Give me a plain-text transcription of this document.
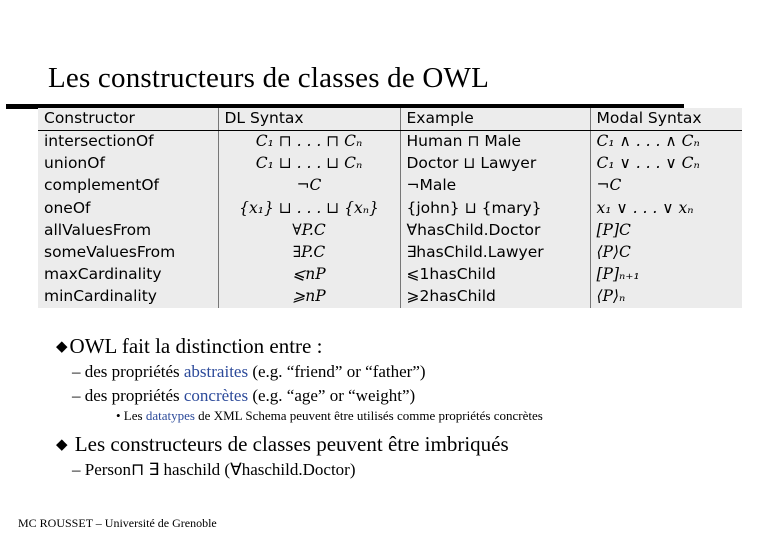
Les constructeurs de classes de OWL
Constructor	DL Syntax	Example	Modal Syntax
intersectionOf	C₁ ⊓ . . . ⊓ Cₙ	Human ⊓ Male	C₁ ∧ . . . ∧ Cₙ
unionOf	C₁ ⊔ . . . ⊔ Cₙ	Doctor ⊔ Lawyer	C₁ ∨ . . . ∨ Cₙ
complementOf	¬C	¬Male	¬C
oneOf	{x₁} ⊔ . . . ⊔ {xₙ}	{john} ⊔ {mary}	x₁ ∨ . . . ∨ xₙ
allValuesFrom	∀P.C	∀hasChild.Doctor	[P]C
someValuesFrom	∃P.C	∃hasChild.Lawyer	⟨P⟩C
maxCardinality	⩽nP	⩽1hasChild	[P]ₙ₊₁
minCardinality	⩾nP	⩾2hasChild	⟨P⟩ₙ
◆OWL fait la distinction entre :
– des propriétés abstraites (e.g. “friend” or “father”)
– des propriétés concrètes (e.g. “age” or “weight”)
• Les datatypes de XML Schema peuvent être utilisés comme propriétés concrètes
◆ Les constructeurs de classes peuvent être imbriqués
– Person⊓ ∃ haschild (∀haschild.Doctor)
MC ROUSSET – Université de Grenoble
